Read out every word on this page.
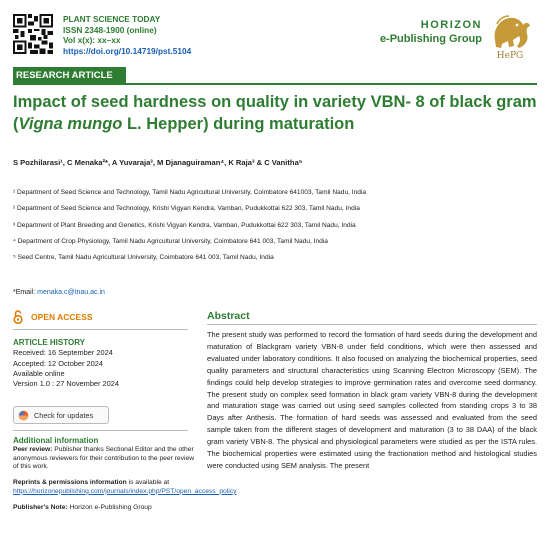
PLANT SCIENCE TODAY
ISSN 2348-1900 (online)
Vol x(x): xx–xx
https://doi.org/10.14719/pst.5104
HORIZON
e-Publishing Group
HePG
RESEARCH ARTICLE
Impact of seed hardness on quality in variety VBN- 8 of black gram (Vigna mungo L. Hepper) during maturation
S Pozhilarasi¹, C Menaka²*, A Yuvaraja³, M Djanaguiraman⁴, K Raja³ & C Vanitha⁵
¹ Department of Seed Science and Technology, Tamil Nadu Agricultural University, Coimbatore 641003, Tamil Nadu, India
² Department of Seed Science and Technology, Krishi Vigyan Kendra, Vamban, Pudukkottai 622 303, Tamil Nadu, India
³ Department of Plant Breeding and Genetics, Krishi Vigyan Kendra, Vamban, Pudukkottai 622 303, Tamil Nadu, India
⁴ Department of Crop Physiology, Tamil Nadu Agricultural University, Coimbatore 641 003, Tamil Nadu, India
⁵ Seed Centre, Tamil Nadu Agricultural University, Coimbatore 641 003, Tamil Nadu, India
*Email: menaka.c@tnau.ac.in
OPEN ACCESS
ARTICLE HISTORY
Received: 16 September 2024
Accepted: 12 October 2024
Available online
Version 1.0 : 27 November 2024
Check for updates
Additional information
Peer review: Publisher thanks Sectional Editor and the other anonymous reviewers for their contribution to the peer review of this work.
Reprints & permissions information is available at https://horizonepublishing.com/journals/index.php/PST/open_access_policy
Publisher's Note: Horizon e-Publishing Group
Abstract
The present study was performed to record the formation of hard seeds during the development and maturation of Blackgram variety VBN-8 under field conditions, which were then assessed and evaluated under laboratory conditions. It also focused on analyzing the biochemical properties, seed quality parameters and structural characteristics using Scanning Electron Microscopy (SEM). The findings could help develop strategies to improve germination rates and overcome seed dormancy. The present study on complex seed formation in black gram variety VBN-8 during the development and maturation stage was carried out using seed samples collected from standing crops 3 to 38 Days after Anthesis. The formation of hard seeds was assessed and evaluated from the seed sample taken from the different stages of development and maturation (3 to 38 DAA) of the black gram variety VBN-8. The physical and physiological parameters were studied as per the ISTA rules. The biochemical properties were estimated using the fractionation method and histological studies were conducted using SEM analysis. The present
